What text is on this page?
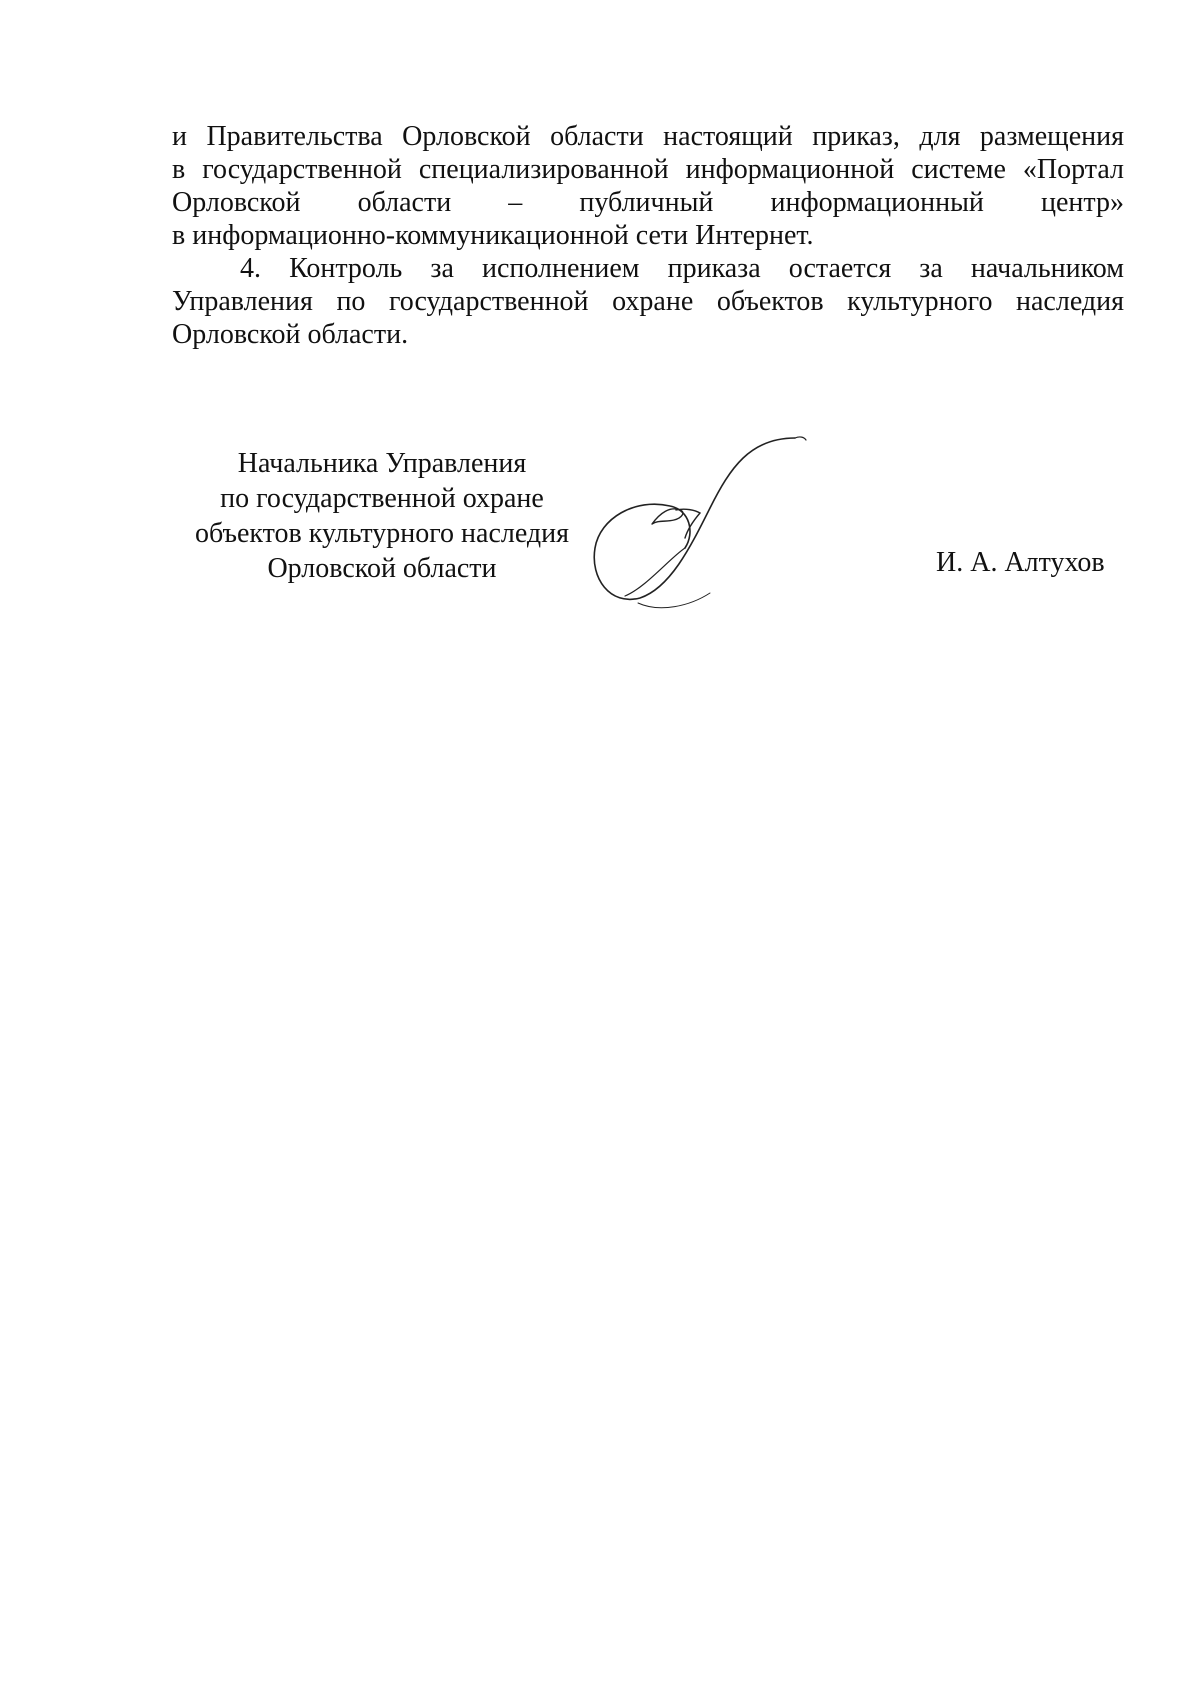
и Правительства Орловской области настоящий приказ, для размещения
в государственной специализированной информационной системе «Портал
Орловской области – публичный информационный центр»
в информационно-коммуникационной сети Интернет.
4. Контроль за исполнением приказа остается за начальником
Управления по государственной охране объектов культурного наследия
Орловской области.
Начальника Управления
по государственной охране
объектов культурного наследия
Орловской области	И. А. Алтухов
